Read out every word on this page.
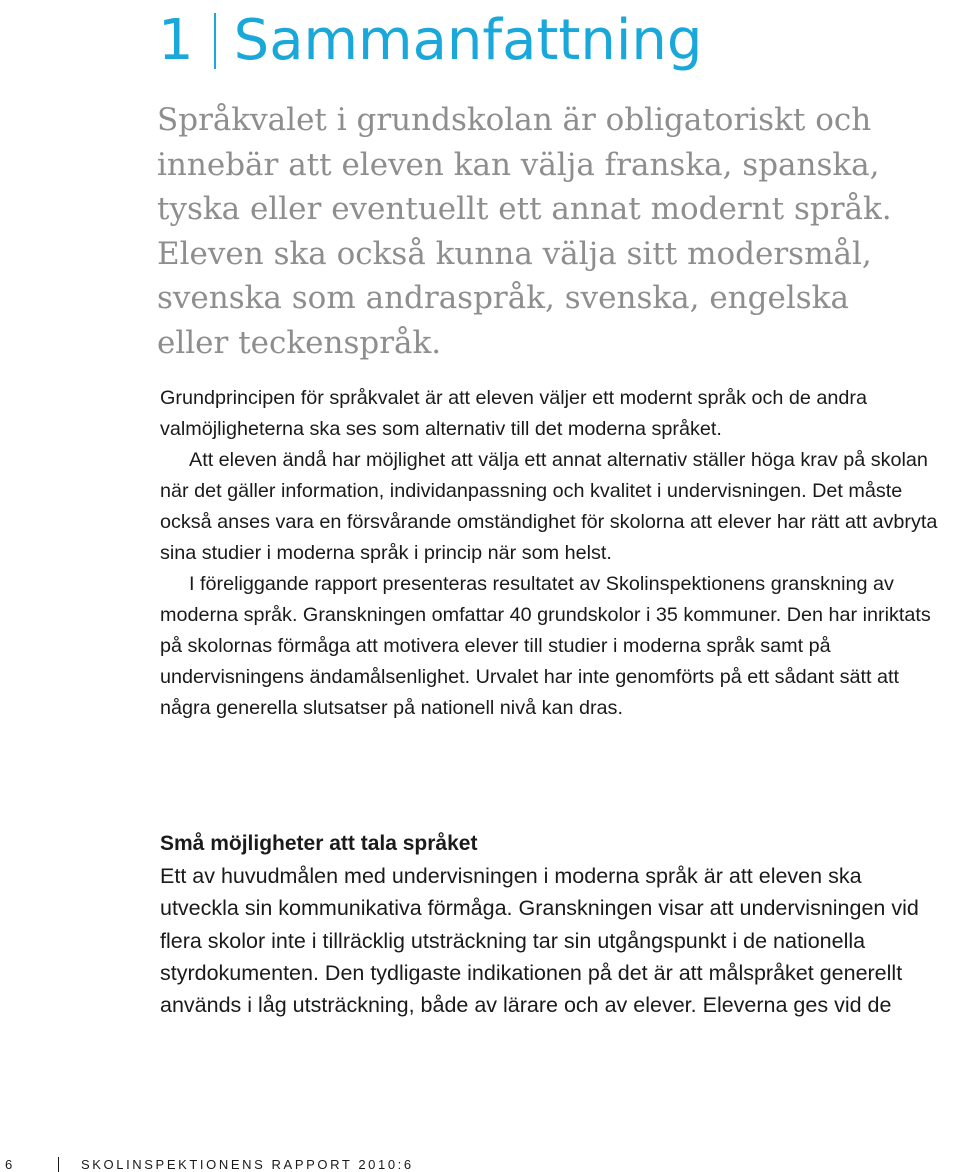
1 Sammanfattning

Språkvalet i grundskolan är obligatoriskt och innebär att eleven kan välja franska, spanska, tyska eller eventuellt ett annat modernt språk. Eleven ska också kunna välja sitt modersmål, svenska som andraspråk, svenska, engelska eller teckenspråk.

Grundprincipen för språkvalet är att eleven väljer ett modernt språk och de andra valmöjligheterna ska ses som alternativ till det moderna språket.

Att eleven ändå har möjlighet att välja ett annat alternativ ställer höga krav på skolan när det gäller information, individanpassning och kvalitet i undervisningen. Det måste också anses vara en försvårande omständighet för skolorna att elever har rätt att avbryta sina studier i moderna språk i princip när som helst.

I föreliggande rapport presenteras resultatet av Skolinspektionens granskning av moderna språk. Granskningen omfattar 40 grundskolor i 35 kommuner. Den har inriktats på skolornas förmåga att motivera elever till studier i moderna språk samt på undervisningens ändamålsenlighet. Urvalet har inte genomförts på ett sådant sätt att några generella slutsatser på nationell nivå kan dras.

Små möjligheter att tala språket

Ett av huvudmålen med undervisningen i moderna språk är att eleven ska utveckla sin kommunikativa förmåga. Granskningen visar att undervisningen vid flera skolor inte i tillräcklig utsträckning tar sin utgångspunkt i de nationella styrdokumenten. Den tydligaste indikationen på det är att målspråket generellt används i låg utsträckning, både av lärare och av elever. Eleverna ges vid de

6	SKOLINSPEKTIONENS RAPPORT 2010:6
